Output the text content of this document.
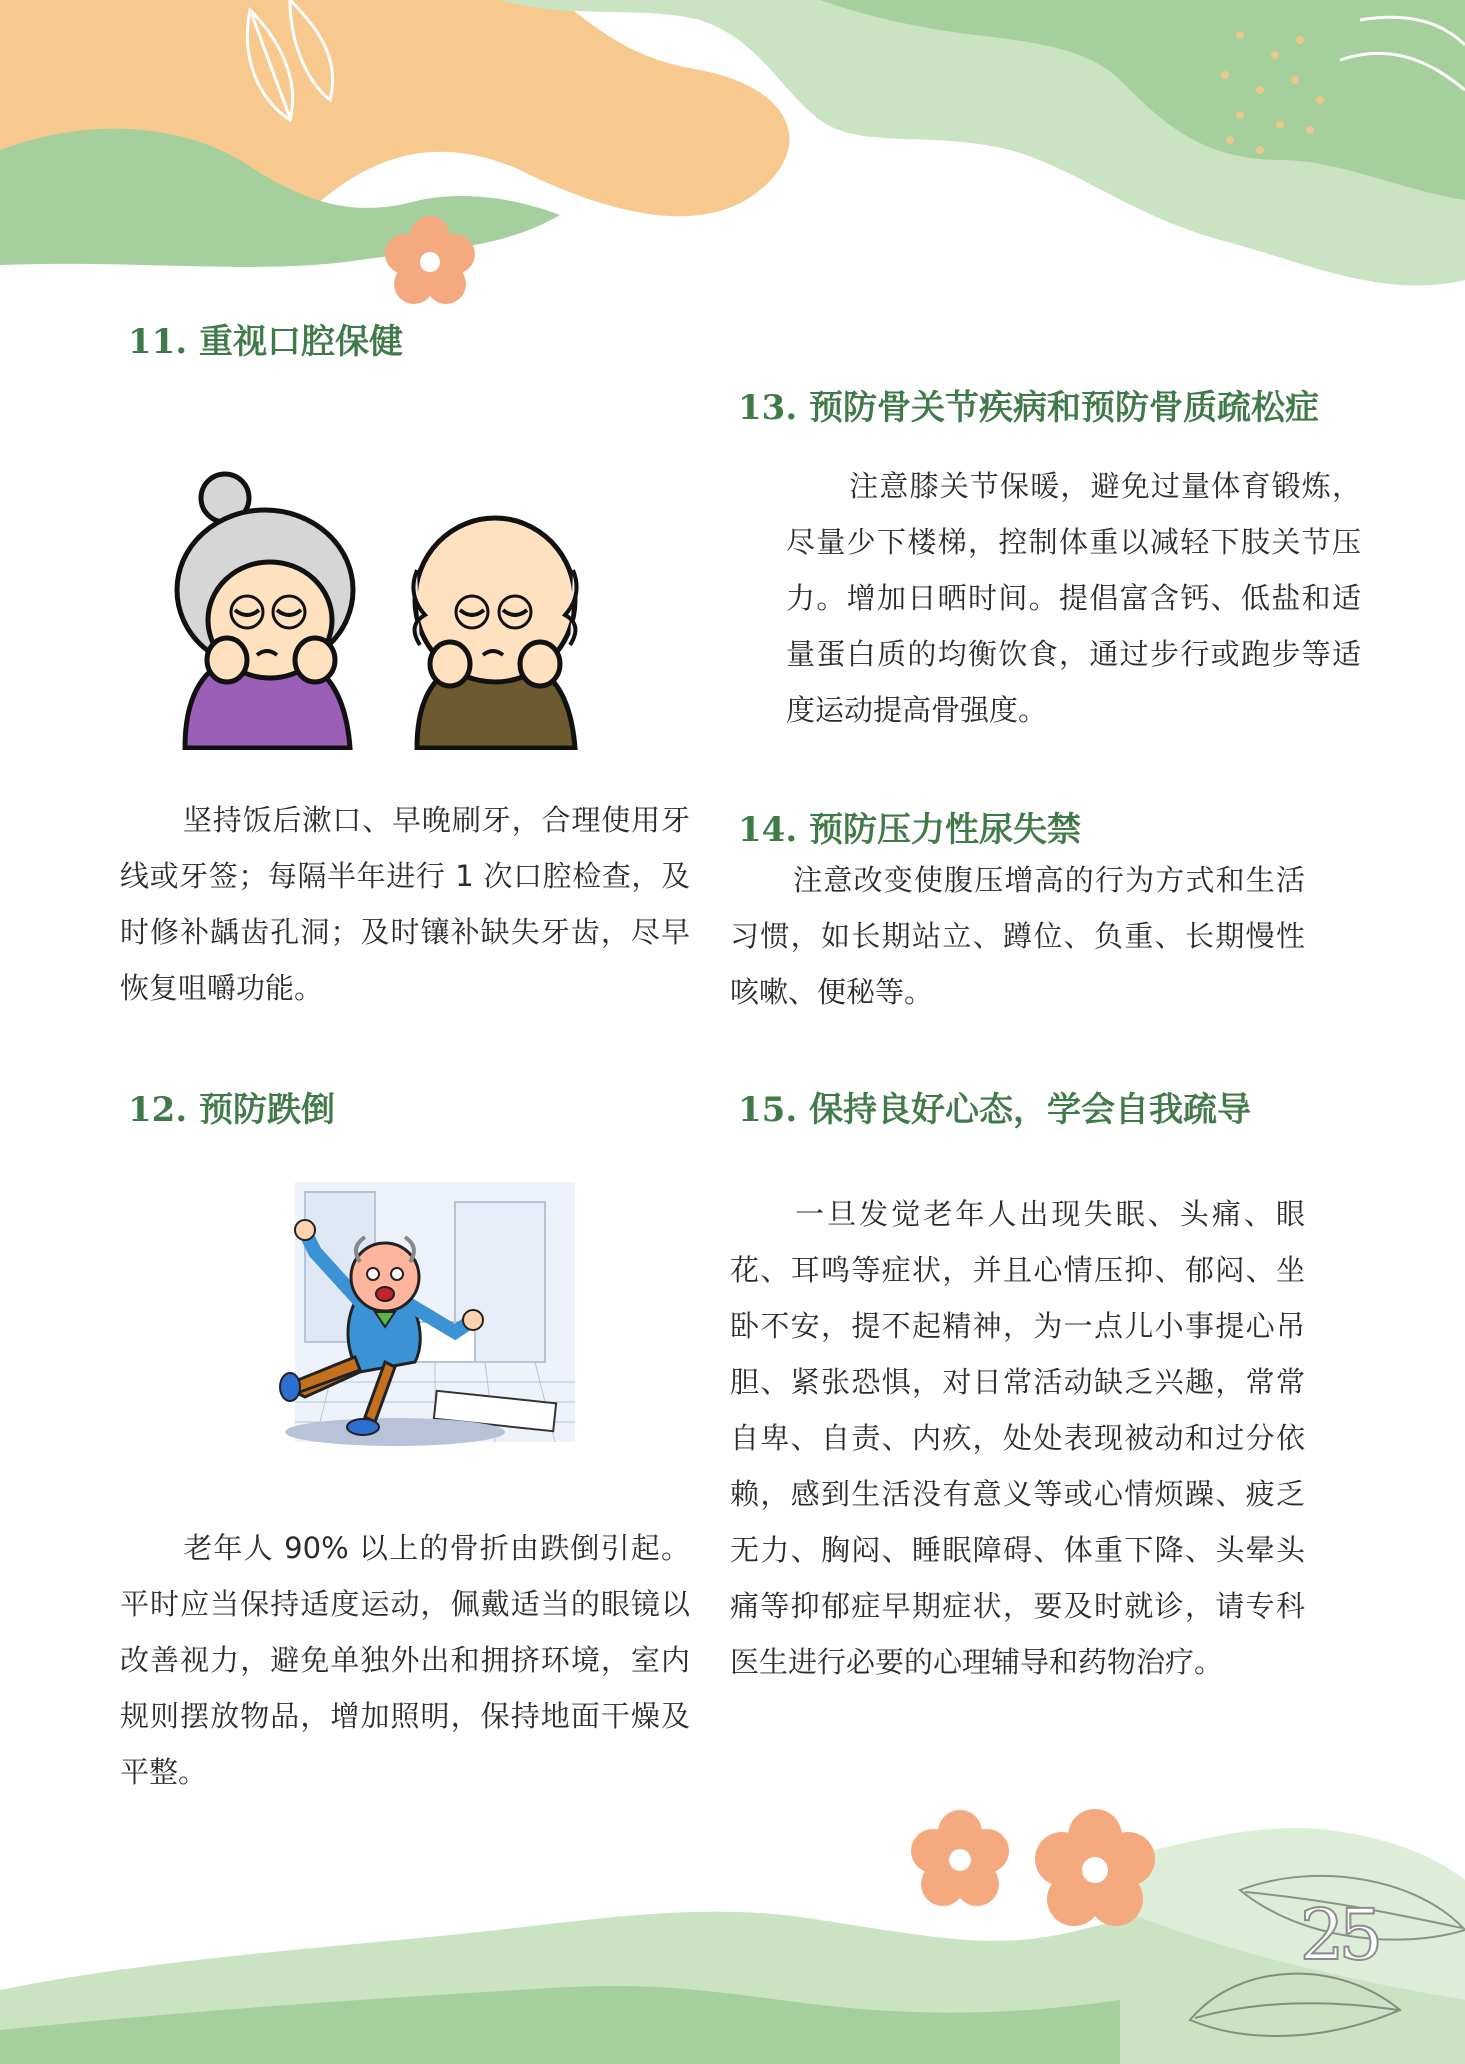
11. 重视口腔保健
坚持饭后漱口、早晚刷牙，合理使用牙线或牙签；每隔半年进行 1 次口腔检查，及时修补龋齿孔洞；及时镶补缺失牙齿，尽早恢复咀嚼功能。
12. 预防跌倒
老年人 90% 以上的骨折由跌倒引起。平时应当保持适度运动，佩戴适当的眼镜以改善视力，避免单独外出和拥挤环境，室内规则摆放物品，增加照明，保持地面干燥及平整。
13. 预防骨关节疾病和预防骨质疏松症
注意膝关节保暖，避免过量体育锻炼，尽量少下楼梯，控制体重以减轻下肢关节压力。增加日晒时间。提倡富含钙、低盐和适量蛋白质的均衡饮食，通过步行或跑步等适度运动提高骨强度。
14. 预防压力性尿失禁
注意改变使腹压增高的行为方式和生活习惯，如长期站立、蹲位、负重、长期慢性咳嗽、便秘等。
15. 保持良好心态，学会自我疏导
一旦发觉老年人出现失眠、头痛、眼花、耳鸣等症状，并且心情压抑、郁闷、坐卧不安，提不起精神，为一点儿小事提心吊胆、紧张恐惧，对日常活动缺乏兴趣，常常自卑、自责、内疚，处处表现被动和过分依赖，感到生活没有意义等或心情烦躁、疲乏无力、胸闷、睡眠障碍、体重下降、头晕头痛等抑郁症早期症状，要及时就诊，请专科医生进行必要的心理辅导和药物治疗。
25
